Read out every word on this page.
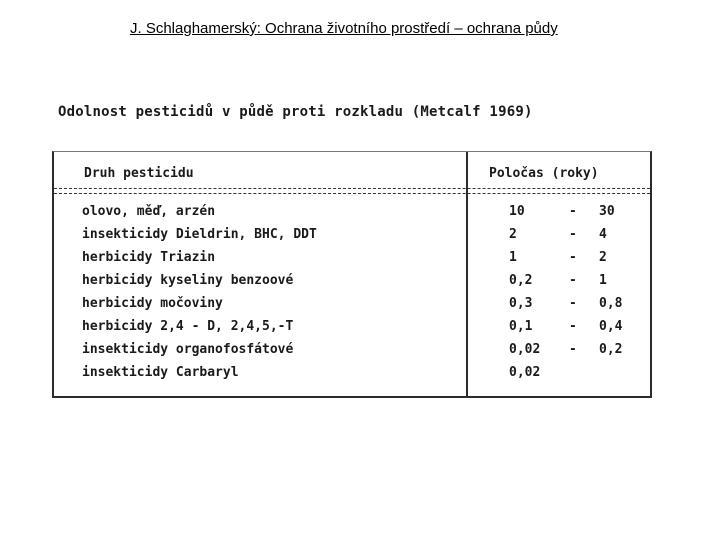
J. Schlaghamerský: Ochrana životního prostředí – ochrana půdy
Odolnost pesticidů v půdě proti rozkladu (Metcalf 1969)
Druh pesticidu	Poločas (roky)
olovo, měď, arzén	10	- 30
insekticidy Dieldrin, BHC, DDT	2	- 4
herbicidy Triazin	1	- 2
herbicidy kyseliny benzoové	0,2	- 1
herbicidy močoviny	0,3	- 0,8
herbicidy 2,4 - D, 2,4,5,-T	0,1	- 0,4
insekticidy organofosfátové	0,02 - 0,2
insekticidy Carbaryl	0,02
